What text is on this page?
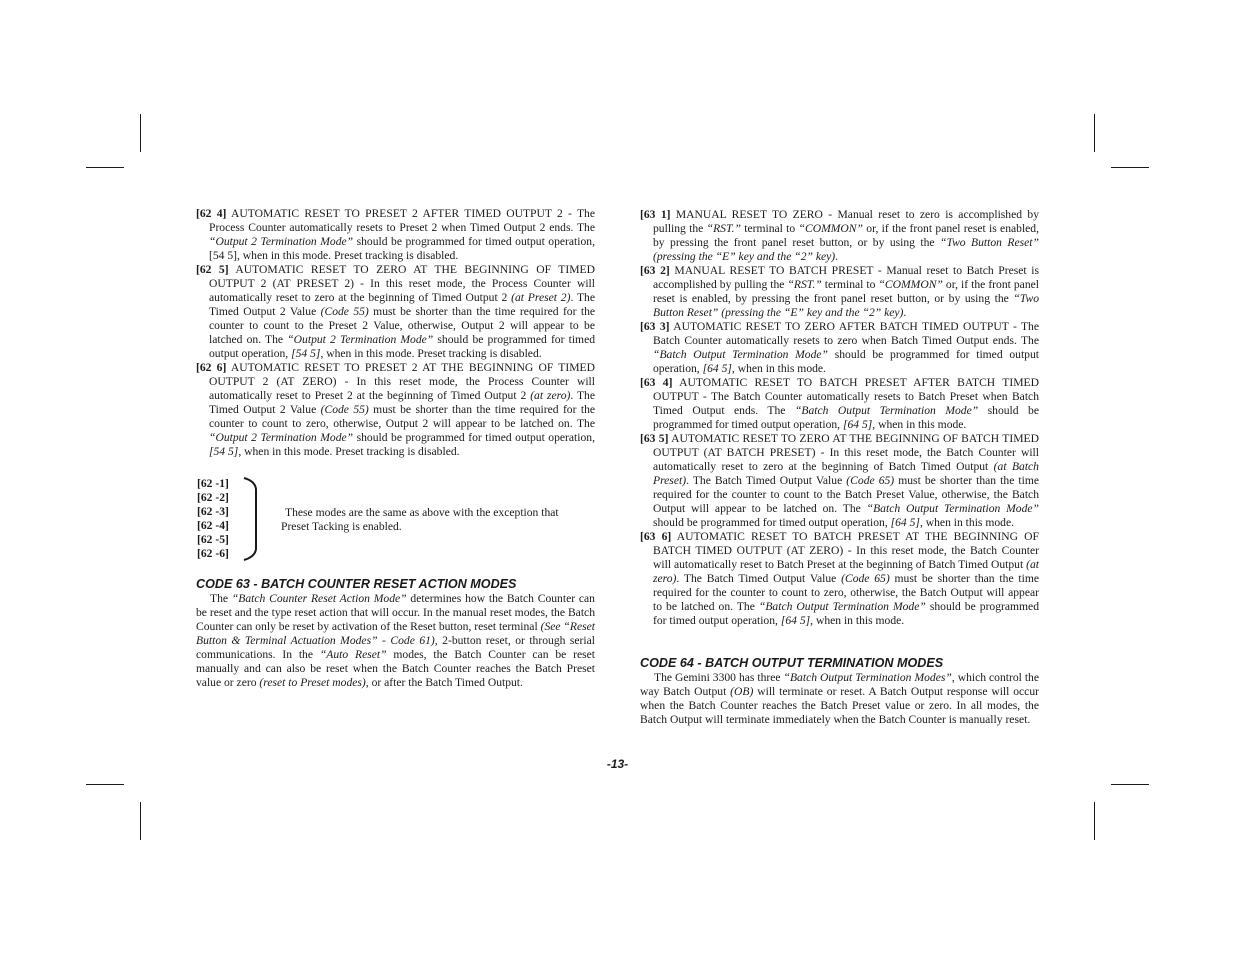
[62 4] AUTOMATIC RESET TO PRESET 2 AFTER TIMED OUTPUT 2 - The Process Counter automatically resets to Preset 2 when Timed Output 2 ends. The “Output 2 Termination Mode” should be programmed for timed output operation, [54 5], when in this mode. Preset tracking is disabled.

[62 5] AUTOMATIC RESET TO ZERO AT THE BEGINNING OF TIMED OUTPUT 2 (AT PRESET 2) - In this reset mode, the Process Counter will automatically reset to zero at the beginning of Timed Output 2 (at Preset 2). The Timed Output 2 Value (Code 55) must be shorter than the time required for the counter to count to the Preset 2 Value, otherwise, Output 2 will appear to be latched on. The “Output 2 Termination Mode” should be programmed for timed output operation, [54 5], when in this mode. Preset tracking is disabled.

[62 6] AUTOMATIC RESET TO PRESET 2 AT THE BEGINNING OF TIMED OUTPUT 2 (AT ZERO) - In this reset mode, the Process Counter will automatically reset to Preset 2 at the beginning of Timed Output 2 (at zero). The Timed Output 2 Value (Code 55) must be shorter than the time required for the counter to count to zero, otherwise, Output 2 will appear to be latched on. The “Output 2 Termination Mode” should be programmed for timed output operation, [54 5], when in this mode. Preset tracking is disabled.

[62 -1]
[62 -2]
[62 -3]
[62 -4]
[62 -5]
[62 -6]
These modes are the same as above with the exception that Preset Tacking is enabled.
CODE 63 - BATCH COUNTER RESET ACTION MODES

The “Batch Counter Reset Action Mode” determines how the Batch Counter can be reset and the type reset action that will occur. In the manual reset modes, the Batch Counter can only be reset by activation of the Reset button, reset terminal (See “Reset Button & Terminal Actuation Modes” - Code 61), 2-button reset, or through serial communications. In the “Auto Reset” modes, the Batch Counter can be reset manually and can also be reset when the Batch Counter reaches the Batch Preset value or zero (reset to Preset modes), or after the Batch Timed Output.

[63 1] MANUAL RESET TO ZERO - Manual reset to zero is accomplished by pulling the “RST.” terminal to “COMMON” or, if the front panel reset is enabled, by pressing the front panel reset button, or by using the “Two Button Reset” (pressing the “E” key and the “2” key).

[63 2] MANUAL RESET TO BATCH PRESET - Manual reset to Batch Preset is accomplished by pulling the “RST.” terminal to “COMMON” or, if the front panel reset is enabled, by pressing the front panel reset button, or by using the “Two Button Reset” (pressing the “E” key and the “2” key).

[63 3] AUTOMATIC RESET TO ZERO AFTER BATCH TIMED OUTPUT - The Batch Counter automatically resets to zero when Batch Timed Output ends. The “Batch Output Termination Mode” should be programmed for timed output operation, [64 5], when in this mode.

[63 4] AUTOMATIC RESET TO BATCH PRESET AFTER BATCH TIMED OUTPUT - The Batch Counter automatically resets to Batch Preset when Batch Timed Output ends. The “Batch Output Termination Mode” should be programmed for timed output operation, [64 5], when in this mode.

[63 5] AUTOMATIC RESET TO ZERO AT THE BEGINNING OF BATCH TIMED OUTPUT (AT BATCH PRESET) - In this reset mode, the Batch Counter will automatically reset to zero at the beginning of Batch Timed Output (at Batch Preset). The Batch Timed Output Value (Code 65) must be shorter than the time required for the counter to count to the Batch Preset Value, otherwise, the Batch Output will appear to be latched on. The “Batch Output Termination Mode” should be programmed for timed output operation, [64 5], when in this mode.

[63 6] AUTOMATIC RESET TO BATCH PRESET AT THE BEGINNING OF BATCH TIMED OUTPUT (AT ZERO) - In this reset mode, the Batch Counter will automatically reset to Batch Preset at the beginning of Batch Timed Output (at zero). The Batch Timed Output Value (Code 65) must be shorter than the time required for the counter to count to zero, otherwise, the Batch Output will appear to be latched on. The “Batch Output Termination Mode” should be programmed for timed output operation, [64 5], when in this mode.

CODE 64 - BATCH OUTPUT TERMINATION MODES

The Gemini 3300 has three “Batch Output Termination Modes”, which control the way Batch Output (OB) will terminate or reset. A Batch Output response will occur when the Batch Counter reaches the Batch Preset value or zero. In all modes, the Batch Output will terminate immediately when the Batch Counter is manually reset.

-13-
